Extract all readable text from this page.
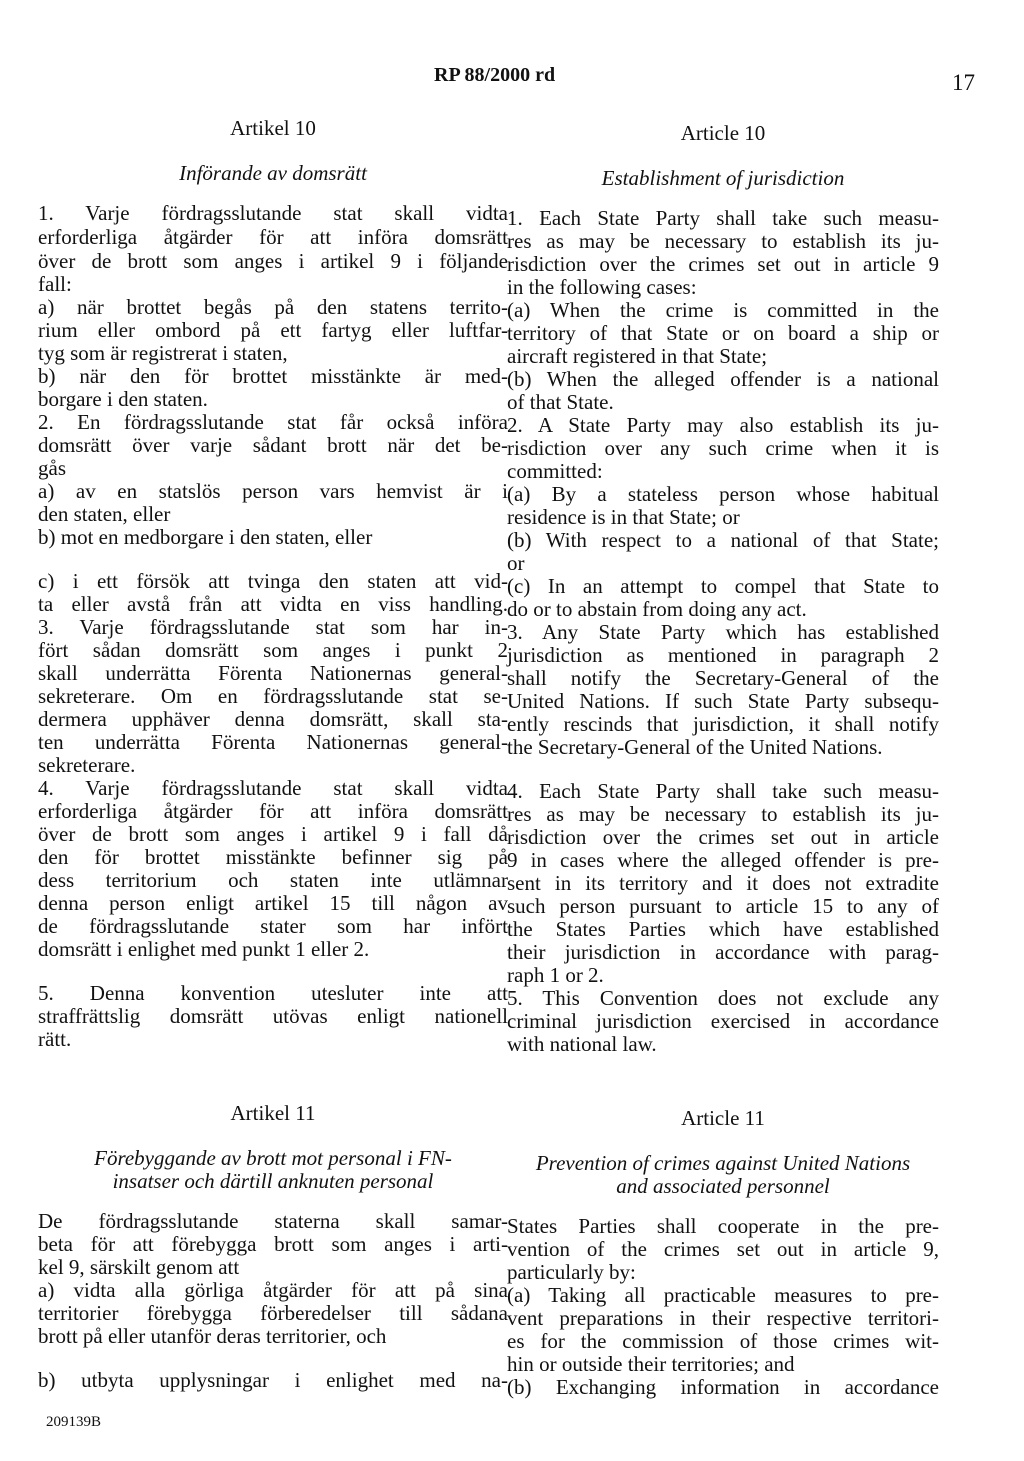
RP 88/2000 rd	17
Artikel 10
Införande av domsrätt
1. Varje fördragsslutande stat skall vidta
erforderliga åtgärder för att införa domsrätt
över de brott som anges i artikel 9 i följande
fall:
a) när brottet begås på den statens territo-
rium eller ombord på ett fartyg eller luftfar-
tyg som är registrerat i staten,
b) när den för brottet misstänkte är med-
borgare i den staten.
2. En fördragsslutande stat får också införa
domsrätt över varje sådant brott när det be-
gås
a) av en statslös person vars hemvist är i
den staten, eller
b) mot en medborgare i den staten, eller
c) i ett försök att tvinga den staten att vid-
ta eller avstå från att vidta en viss handling.
3. Varje fördragsslutande stat som har in-
fört sådan domsrätt som anges i punkt 2
skall underrätta Förenta Nationernas general-
sekreterare. Om en fördragsslutande stat se-
dermera upphäver denna domsrätt, skall sta-
ten underrätta Förenta Nationernas general-
sekreterare.
4. Varje fördragsslutande stat skall vidta
erforderliga åtgärder för att införa domsrätt
över de brott som anges i artikel 9 i fall då
den för brottet misstänkte befinner sig på
dess territorium och staten inte utlämnar
denna person enligt artikel 15 till någon av
de fördragsslutande stater som har infört
domsrätt i enlighet med punkt 1 eller 2.
5. Denna konvention utesluter inte att
straffrättslig domsrätt utövas enligt nationell
rätt.
Artikel 11
Förebyggande av brott mot personal i FN-
insatser och därtill anknuten personal
De fördragsslutande staterna skall samar-
beta för att förebygga brott som anges i arti-
kel 9, särskilt genom att
a) vidta alla görliga åtgärder för att på sina
territorier förebygga förberedelser till sådana
brott på eller utanför deras territorier, och
b) utbyta upplysningar i enlighet med na-
Article 10
Establishment of jurisdiction
1. Each State Party shall take such measu-
res as may be necessary to establish its ju-
risdiction over the crimes set out in article 9
in the following cases:
(a) When the crime is committed in the
territory of that State or on board a ship or
aircraft registered in that State;
(b) When the alleged offender is a national
of that State.
2. A State Party may also establish its ju-
risdiction over any such crime when it is
committed:
(a) By a stateless person whose habitual
residence is in that State; or
(b) With respect to a national of that State;
or
(c) In an attempt to compel that State to
do or to abstain from doing any act.
3. Any State Party which has established
jurisdiction as mentioned in paragraph 2
shall notify the Secretary-General of the
United Nations. If such State Party subsequ-
ently rescinds that jurisdiction, it shall notify
the Secretary-General of the United Nations.
4. Each State Party shall take such measu-
res as may be necessary to establish its ju-
risdiction over the crimes set out in article
9 in cases where the alleged offender is pre-
sent in its territory and it does not extradite
such person pursuant to article 15 to any of
the States Parties which have established
their jurisdiction in accordance with parag-
raph 1 or 2.
5. This Convention does not exclude any
criminal jurisdiction exercised in accordance
with national law.
Article 11
Prevention of crimes against United Nations
and associated personnel
States Parties shall cooperate in the pre-
vention of the crimes set out in article 9,
particularly by:
(a) Taking all practicable measures to pre-
vent preparations in their respective territori-
es for the commission of those crimes wit-
hin or outside their territories; and
(b) Exchanging information in accordance
209139B
